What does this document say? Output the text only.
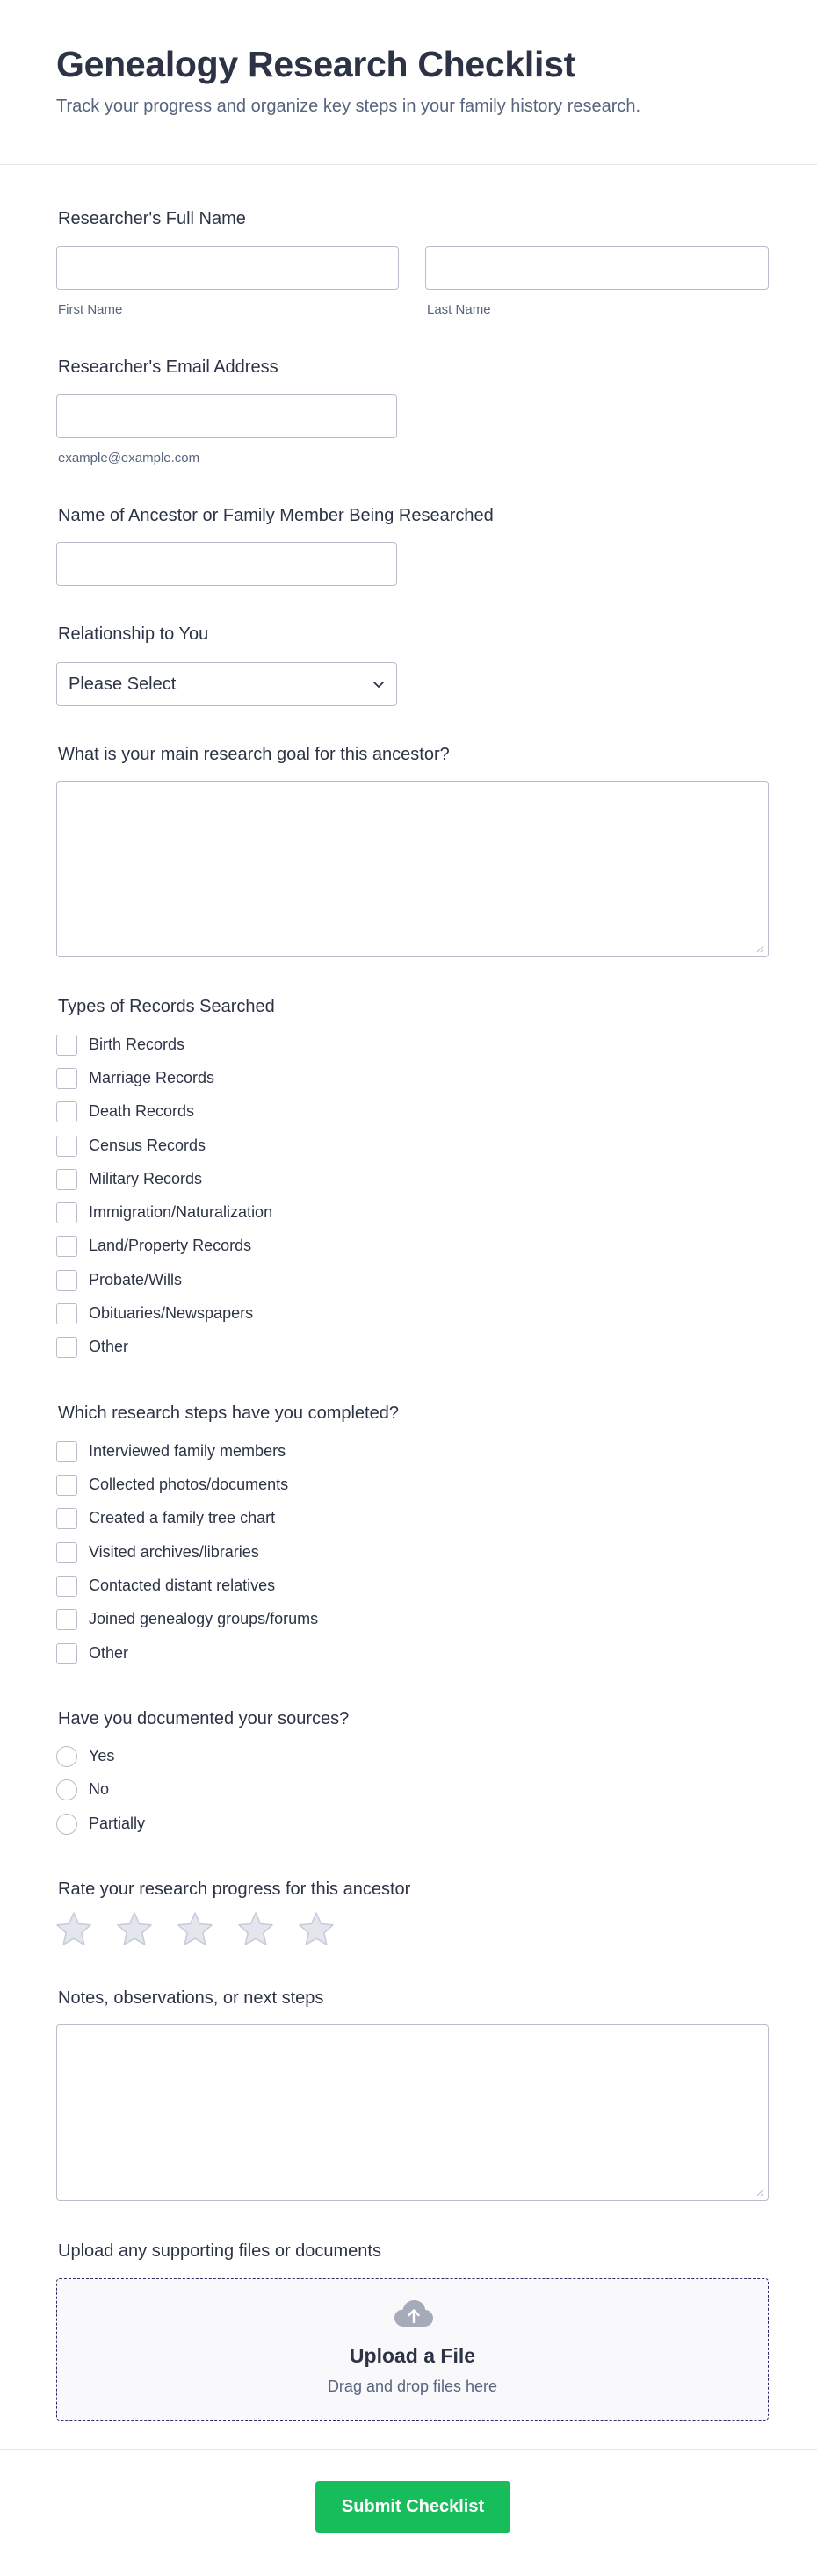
Genealogy Research Checklist
Track your progress and organize key steps in your family history research.
Researcher's Full Name
First Name	Last Name
Researcher's Email Address
example@example.com
Name of Ancestor or Family Member Being Researched
Relationship to You
Please Select
What is your main research goal for this ancestor?
Types of Records Searched
Birth Records
Marriage Records
Death Records
Census Records
Military Records
Immigration/Naturalization
Land/Property Records
Probate/Wills
Obituaries/Newspapers
Other
Which research steps have you completed?
Interviewed family members
Collected photos/documents
Created a family tree chart
Visited archives/libraries
Contacted distant relatives
Joined genealogy groups/forums
Other
Have you documented your sources?
Yes
No
Partially
Rate your research progress for this ancestor
Notes, observations, or next steps
Upload any supporting files or documents
Upload a File
Drag and drop files here
Submit Checklist
